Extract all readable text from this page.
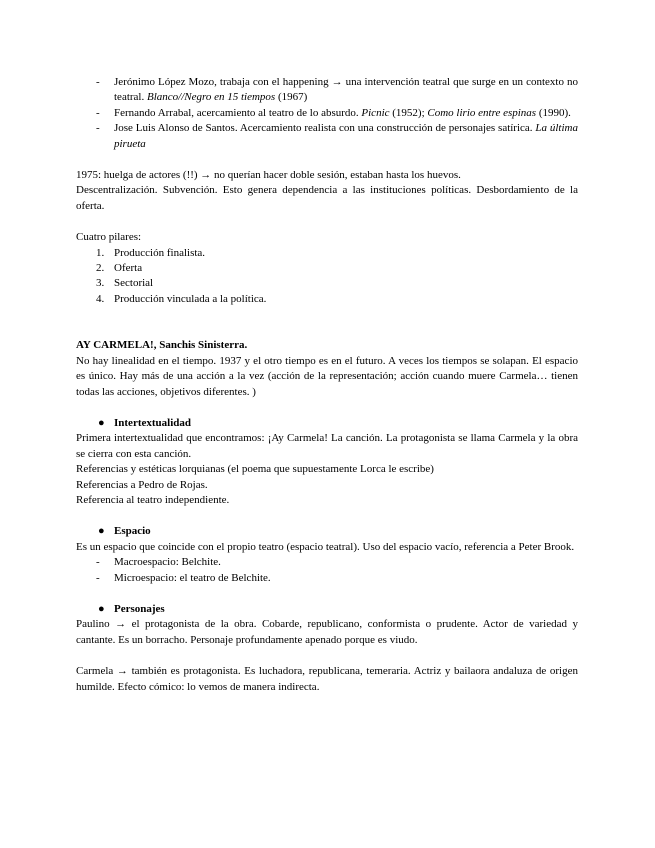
- Jerónimo López Mozo, trabaja con el happening → una intervención teatral que surge en un contexto no teatral. Blanco//Negro en 15 tiempos (1967)
- Fernando Arrabal, acercamiento al teatro de lo absurdo. Picnic (1952); Como lirio entre espinas (1990).
- Jose Luis Alonso de Santos. Acercamiento realista con una construcción de personajes satírica. La última pirueta

1975: huelga de actores (!!) → no querían hacer doble sesión, estaban hasta los huevos.

Descentralización. Subvención. Esto genera dependencia a las instituciones políticas. Desbordamiento de la oferta.

Cuatro pilares:

1. Producción finalista.
2. Oferta
3. Sectorial
4. Producción vinculada a la política.

AY CARMELA!, Sanchis Sinisterra.

No hay linealidad en el tiempo. 1937 y el otro tiempo es en el futuro. A veces los tiempos se solapan. El espacio es único. Hay más de una acción a la vez (acción de la representación; acción cuando muere Carmela… tienen todas las acciones, objetivos diferentes. )

● Intertextualidad

Primera intertextualidad que encontramos: ¡Ay Carmela! La canción. La protagonista se llama Carmela y la obra se cierra con esta canción.

Referencias y estéticas lorquianas (el poema que supuestamente Lorca le escribe)

Referencias a Pedro de Rojas.

Referencia al teatro independiente.

● Espacio

Es un espacio que coincide con el propio teatro (espacio teatral). Uso del espacio vacío, referencia a Peter Brook.

- Macroespacio: Belchite.
- Microespacio: el teatro de Belchite.
● Personajes

Paulino → el protagonista de la obra. Cobarde, republicano, conformista o prudente. Actor de variedad y cantante. Es un borracho. Personaje profundamente apenado porque es viudo.

Carmela → también es protagonista. Es luchadora, republicana, temeraria. Actriz y bailaora andaluza de origen humilde. Efecto cómico: lo vemos de manera indirecta.
